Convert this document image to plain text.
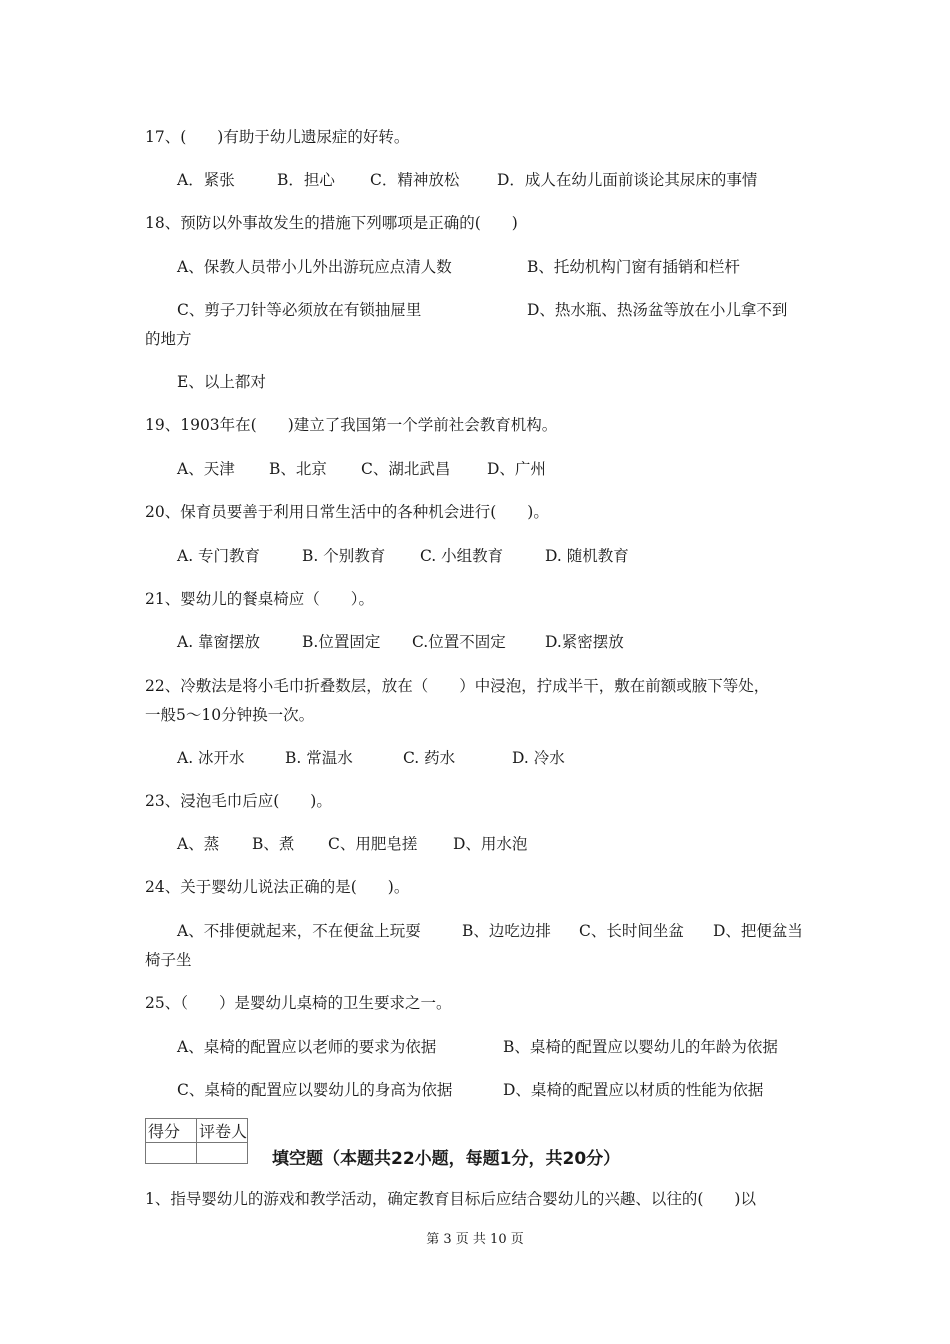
17、(　　)有助于幼儿遗尿症的好转。
A．紧张	B．担心 C．精神放松 D．成人在幼儿面前谈论其尿床的事情
18、预防以外事故发生的措施下列哪项是正确的(　　)
A、保教人员带小儿外出游玩应点清人数	B、托幼机构门窗有插销和栏杆
C、剪子刀针等必须放在有锁抽屉里	D、热水瓶、热汤盆等放在小儿拿不到
的地方
E、以上都对
19、1903年在(　　)建立了我国第一个学前社会教育机构。
A、天津 B、北京 C、湖北武昌 D、广州
20、保育员要善于利用日常生活中的各种机会进行(　　)。
A. 专门教育	B. 个别教育 C. 小组教育	D. 随机教育
21、婴幼儿的餐桌椅应（　　）。
A. 靠窗摆放	B.位置固定 C.位置不固定	D.紧密摆放
22、冷敷法是将小毛巾折叠数层，放在（　　）中浸泡，拧成半干，敷在前额或腋下等处，
一般5～10分钟换一次。
A. 冰开水	B. 常温水	C. 药水	D. 冷水
23、浸泡毛巾后应(　　)。
A、蒸 B、煮 C、用肥皂搓 D、用水泡
24、关于婴幼儿说法正确的是(　　)。
A、不排便就起来，不在便盆上玩耍	B、边吃边排 C、长时间坐盆 D、把便盆当
椅子坐
25、（　　）是婴幼儿桌椅的卫生要求之一。
A、桌椅的配置应以老师的要求为依据	B、桌椅的配置应以婴幼儿的年龄为依据
C、桌椅的配置应以婴幼儿的身高为依据	D、桌椅的配置应以材质的性能为依据
得分	评卷人

填空题（本题共22小题，每题1分，共20分）
1、指导婴幼儿的游戏和教学活动，确定教育目标后应结合婴幼儿的兴趣、以往的(　　)以
第 3 页 共 10 页
